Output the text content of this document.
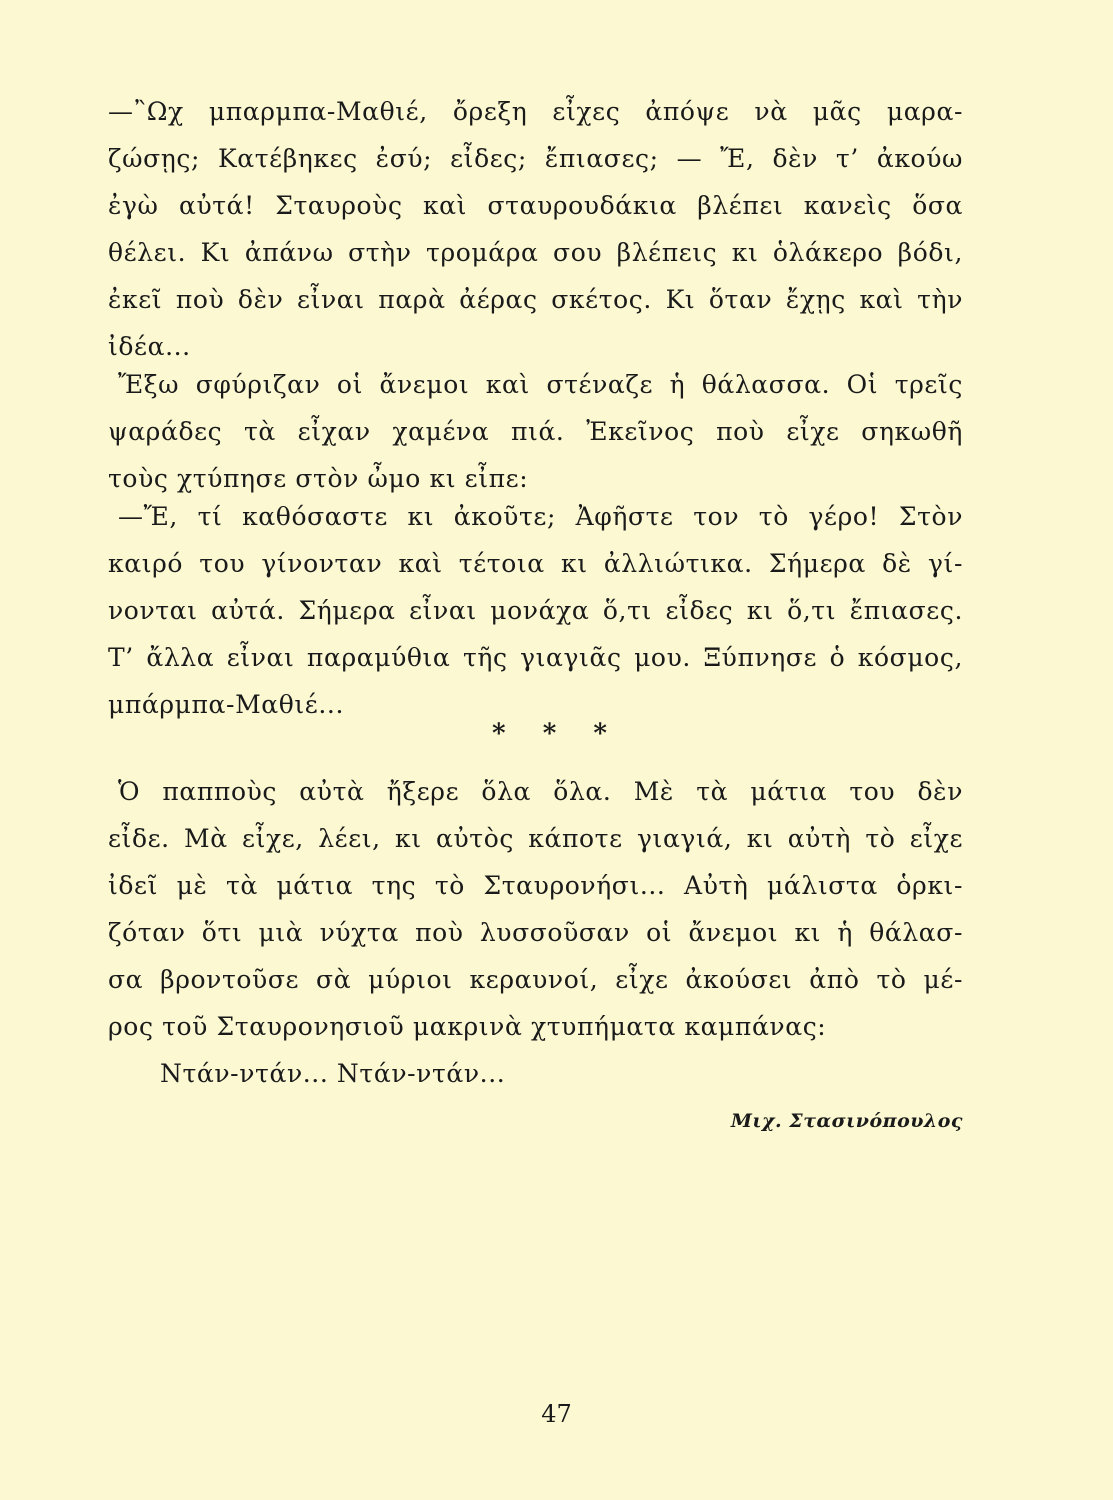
—῍Ωχ μπαρμπα-Μαθιέ, ὄρεξη εἶχες ἀπόψε νὰ μᾶς μαρα-
ζώσῃς; Κατέβηκες ἐσύ; εἶδες; ἔπιασες; — Ἔ, δὲν τ’ ἀκούω
ἐγὼ αὐτά! Σταυροὺς καὶ σταυρουδάκια βλέπει κανεὶς ὅσα
θέλει. Κι ἀπάνω στὴν τρομάρα σου βλέπεις κι ὁλάκερο βόδι,
ἐκεῖ ποὺ δὲν εἶναι παρὰ ἀέρας σκέτος. Κι ὅταν ἔχῃς καὶ τὴν
ἰδέα...
Ἔξω σφύριζαν οἱ ἄνεμοι καὶ στέναζε ἡ θάλασσα. Οἱ τρεῖς
ψαράδες τὰ εἶχαν χαμένα πιά. Ἐκεῖνος ποὺ εἶχε σηκωθῆ
τοὺς χτύπησε στὸν ὦμο κι εἶπε:
—Ἔ, τί καθόσαστε κι ἀκοῦτε; Ἀφῆστε τον τὸ γέρο! Στὸν
καιρό του γίνονταν καὶ τέτοια κι ἀλλιώτικα. Σήμερα δὲ γί-
νονται αὐτά. Σήμερα εἶναι μονάχα ὅ,τι εἶδες κι ὅ,τι ἔπιασες.
Τ’ ἄλλα εἶναι παραμύθια τῆς γιαγιᾶς μου. Ξύπνησε ὁ κόσμος,
μπάρμπα-Μαθιέ...
* * *
Ὁ παπποὺς αὐτὰ ἤξερε ὅλα ὅλα. Μὲ τὰ μάτια του δὲν
εἶδε. Μὰ εἶχε, λέει, κι αὐτὸς κάποτε γιαγιά, κι αὐτὴ τὸ εἶχε
ἰδεῖ μὲ τὰ μάτια της τὸ Σταυρονήσι... Αὐτὴ μάλιστα ὁρκι-
ζόταν ὅτι μιὰ νύχτα ποὺ λυσσοῦσαν οἱ ἄνεμοι κι ἡ θάλασ-
σα βροντοῦσε σὰ μύριοι κεραυνοί, εἶχε ἀκούσει ἀπὸ τὸ μέ-
ρος τοῦ Σταυρονησιοῦ μακρινὰ χτυπήματα καμπάνας:
Ντάν-ντάν... Ντάν-ντάν...
Μιχ. Στασινόπουλος
47
